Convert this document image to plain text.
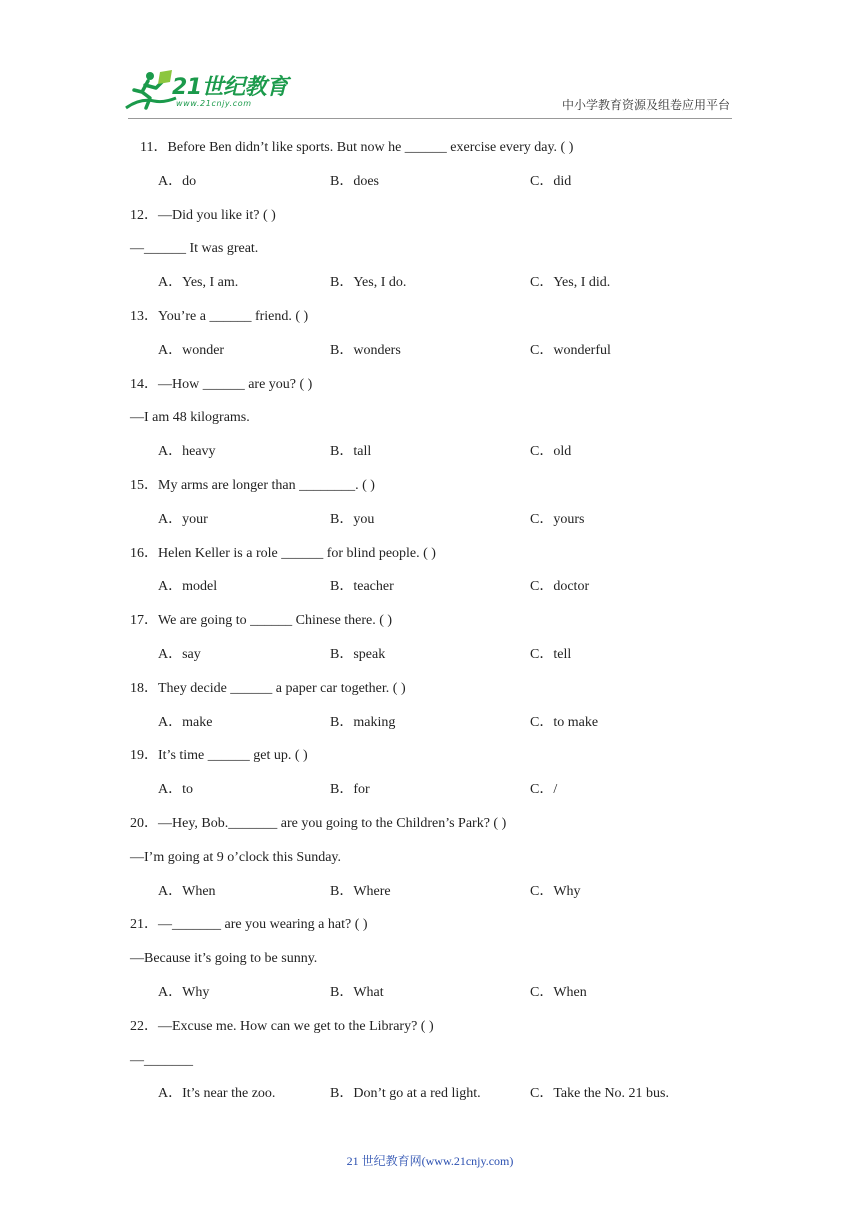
21世纪教育
www.21cnjy.com	中小学教育资源及组卷应用平台
11．Before Ben didn’t like sports. But now he ______ exercise every day. ( )
A．do	B．does	C．did
12．—Did you like it? ( )
—______ It was great.
A．Yes, I am.	B．Yes, I do.	C．Yes, I did.
13．You’re a ______ friend. ( )
A．wonder	B．wonders	C．wonderful
14．—How ______ are you? ( )
—I am 48 kilograms.
A．heavy	B．tall	C．old
15．My arms are longer than ________. ( )
A．your	B．you	C．yours
16．Helen Keller is a role ______ for blind people. ( )
A．model	B．teacher	C．doctor
17．We are going to ______ Chinese there. ( )
A．say	B．speak	C．tell
18．They decide ______ a paper car together. ( )
A．make	B．making	C．to make
19．It’s time ______ get up. ( )
A．to	B．for	C．/
20．—Hey, Bob._______ are you going to the Children’s Park? ( )
—I’m going at 9 o’clock this Sunday.
A．When	B．Where	C．Why
21．—_______ are you wearing a hat? ( )
—Because it’s going to be sunny.
A．Why	B．What	C．When
22．—Excuse me. How can we get to the Library? ( )
—_______
A．It’s near the zoo.	B．Don’t go at a red light.	C．Take the No. 21 bus.
21 世纪教育网(www.21cnjy.com)
